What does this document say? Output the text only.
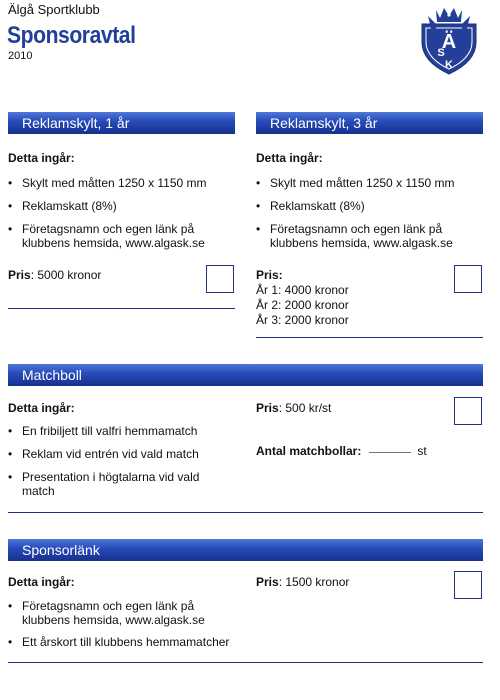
Älgå Sportklubb
Sponsoravtal
2010
Ä
S
K
Reklamskylt, 1 år
Detta ingår:
• Skylt med måtten 1250 x 1150 mm
• Reklamskatt (8%)
• Företagsnamn och egen länk på klubbens hemsida, www.algask.se
Pris: 5000 kronor
Reklamskylt, 3 år
Detta ingår:
• Skylt med måtten 1250 x 1150 mm
• Reklamskatt (8%)
• Företagsnamn och egen länk på klubbens hemsida, www.algask.se
Pris:
År 1: 4000 kronor
År 2: 2000 kronor
År 3: 2000 kronor
Matchboll
Detta ingår:
• En fribiljett till valfri hemmamatch
• Reklam vid entrén vid vald match
• Presentation i högtalarna vid vald match
Pris: 500 kr/st
Antal matchbollar:	st
Sponsorlänk
Detta ingår:
• Företagsnamn och egen länk på klubbens hemsida, www.algask.se
• Ett årskort till klubbens hemmamatcher
Pris: 1500 kronor
